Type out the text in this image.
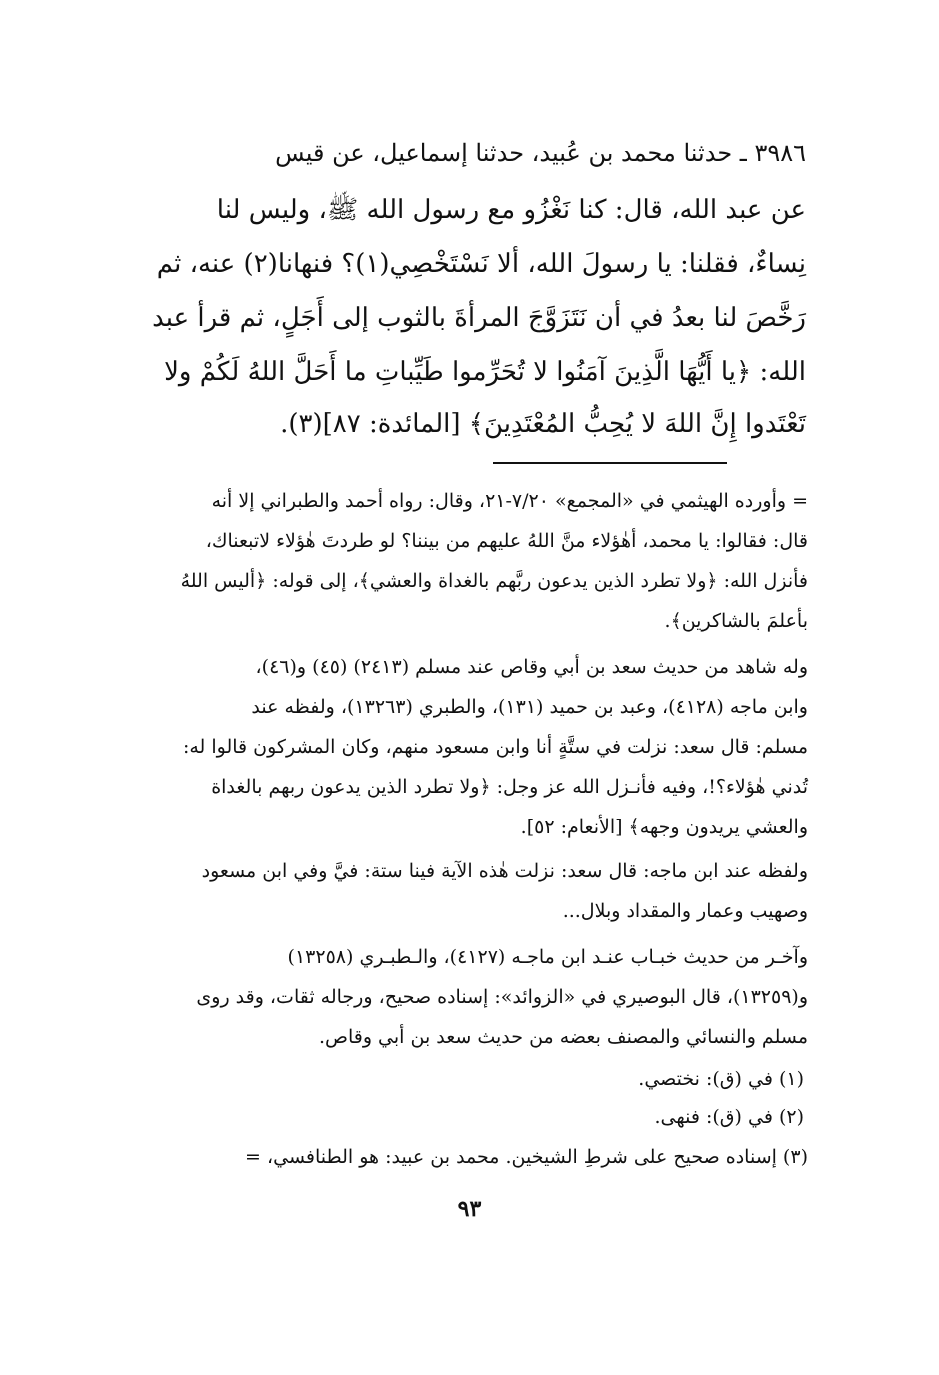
٣٩٨٦ ـ حدثنا محمد بن عُبيد، حدثنا إسماعيل، عن قيس
عن عبد الله، قال: كنا نَغْزُو مع رسول الله ﷺ، وليس لنا
نِساءٌ، فقلنا: يا رسولَ الله، ألا نَسْتَخْصِي(١)؟ فنهانا(٢) عنه، ثم
رَخَّصَ لنا بعدُ في أن نَتَزَوَّجَ المرأةَ بالثوب إلى أَجَلٍ، ثم قرأ عبد
الله: ﴿يا أَيُّهَا الَّذِينَ آمَنُوا لا تُحَرِّموا طَيِّباتِ ما أَحَلَّ اللهُ لَكُمْ ولا
تَعْتَدوا إِنَّ اللهَ لا يُحِبُّ المُعْتَدِينَ﴾ [المائدة: ٨٧](٣).
= وأورده الهيثمي في «المجمع» ٧/٢٠-٢١، وقال: رواه أحمد والطبراني إلا أنه
قال: فقالوا: يا محمد، أهٰؤلاء منَّ اللهُ عليهم من بيننا؟ لو طردتَ هٰؤلاء لاتبعناك،
فأنزل الله: ﴿ولا تطرد الذين يدعون ربَّهم بالغداة والعشي﴾، إلى قوله: ﴿أليس اللهُ
بأعلمَ بالشاكرين﴾.
وله شاهد من حديث سعد بن أبي وقاص عند مسلم (٢٤١٣) (٤٥) و(٤٦)،
وابن ماجه (٤١٢٨)، وعبد بن حميد (١٣١)، والطبري (١٣٢٦٣)، ولفظه عند
مسلم: قال سعد: نزلت في ستَّةٍ أنا وابن مسعود منهم، وكان المشركون قالوا له:
تُدني هٰؤلاء؟!، وفيه فأنـزل الله عز وجل: ﴿ولا تطرد الذين يدعون ربهم بالغداة
والعشي يريدون وجهه﴾ [الأنعام: ٥٢].
ولفظه عند ابن ماجه: قال سعد: نزلت هٰذه الآية فينا ستة: فيَّ وفي ابن مسعود
وصهيب وعمار والمقداد وبلال...
وآخـر من حديث خبـاب عنـد ابن ماجـه (٤١٢٧)، والـطبـري (١٣٢٥٨)
و(١٣٢٥٩)، قال البوصيري في «الزوائد»: إسناده صحيح، ورجاله ثقات، وقد روى
مسلم والنسائي والمصنف بعضه من حديث سعد بن أبي وقاص.
(١) في (ق): نختصي.
(٢) في (ق): فنهى.
(٣) إسناده صحيح على شرطِ الشيخين. محمد بن عبيد: هو الطنافسي، =
٩٣
